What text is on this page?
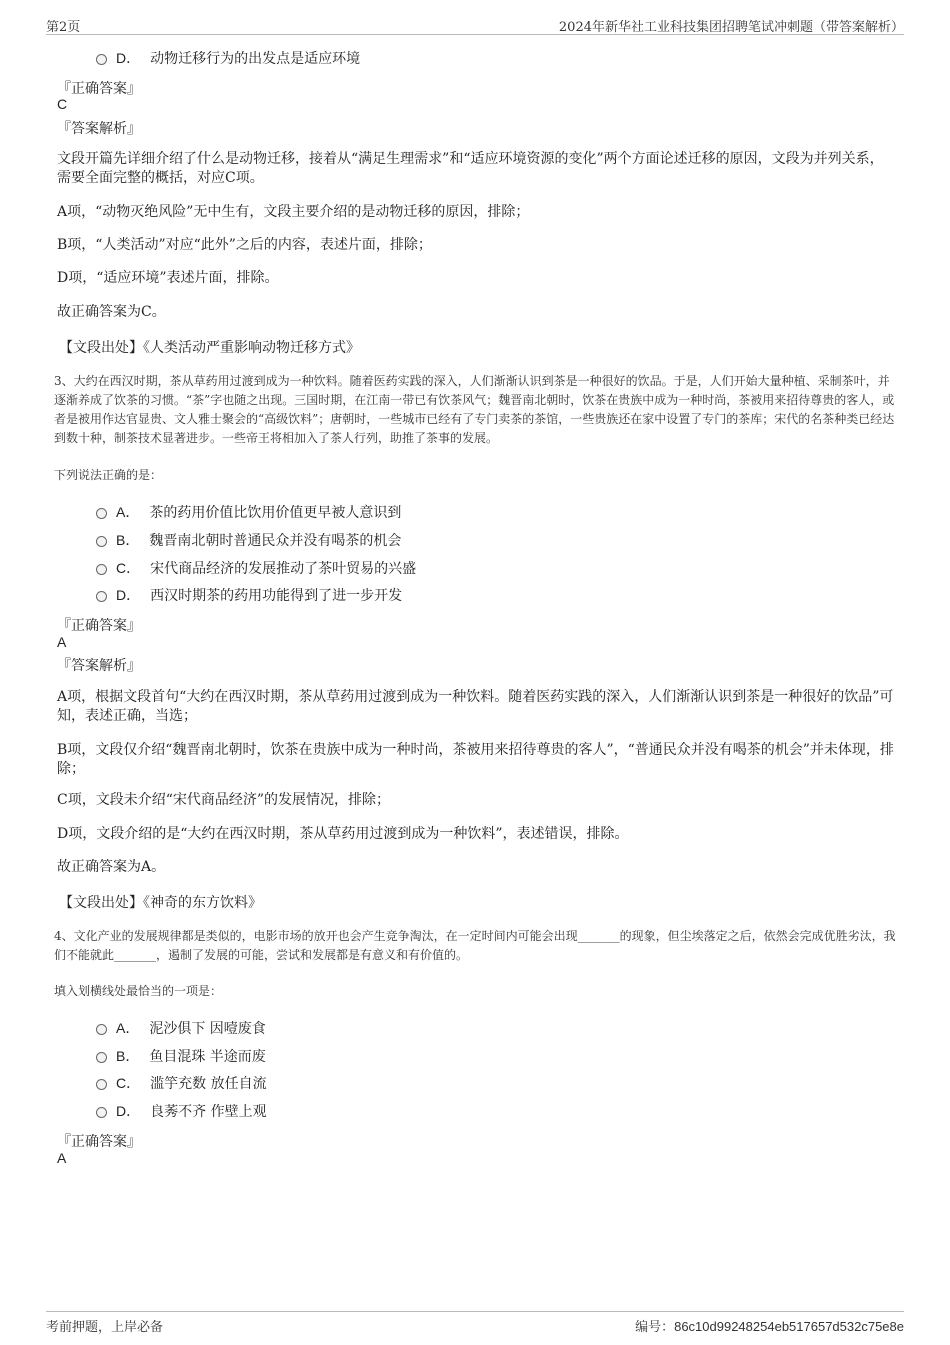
第2页	2024年新华社工业科技集团招聘笔试冲刺题（带答案解析）
D． 动物迁移行为的出发点是适应环境
『正确答案』
C
『答案解析』
文段开篇先详细介绍了什么是动物迁移，接着从“满足生理需求”和“适应环境资源的变化”两个方面论述迁移的原因，文段为并列关系，需要全面完整的概括，对应C项。
A项，“动物灭绝风险”无中生有，文段主要介绍的是动物迁移的原因，排除；
B项，“人类活动”对应“此外”之后的内容，表述片面，排除；
D项，“适应环境”表述片面，排除。
故正确答案为C。
【文段出处】《人类活动严重影响动物迁移方式》
3、大约在西汉时期，茶从草药用过渡到成为一种饮料。随着医药实践的深入，人们渐渐认识到茶是一种很好的饮品。于是，人们开始大量种植、采制茶叶，并逐渐养成了饮茶的习惯。“茶”字也随之出现。三国时期，在江南一带已有饮茶风气；魏晋南北朝时，饮茶在贵族中成为一种时尚，茶被用来招待尊贵的客人，或者是被用作达官显贵、文人雅士聚会的“高级饮料”；唐朝时，一些城市已经有了专门卖茶的茶馆，一些贵族还在家中设置了专门的茶库；宋代的名茶种类已经达到数十种，制茶技术显著进步。一些帝王将相加入了茶人行列，助推了茶事的发展。
下列说法正确的是：
A． 茶的药用价值比饮用价值更早被人意识到
B． 魏晋南北朝时普通民众并没有喝茶的机会
C． 宋代商品经济的发展推动了茶叶贸易的兴盛
D． 西汉时期茶的药用功能得到了进一步开发
『正确答案』
A
『答案解析』
A项，根据文段首句“大约在西汉时期，茶从草药用过渡到成为一种饮料。随着医药实践的深入，人们渐渐认识到茶是一种很好的饮品”可知，表述正确，当选；
B项，文段仅介绍“魏晋南北朝时，饮茶在贵族中成为一种时尚，茶被用来招待尊贵的客人”，“普通民众并没有喝茶的机会”并未体现，排除；
C项，文段未介绍“宋代商品经济”的发展情况，排除；
D项，文段介绍的是“大约在西汉时期，茶从草药用过渡到成为一种饮料”，表述错误，排除。
故正确答案为A。
【文段出处】《神奇的东方饮料》
4、文化产业的发展规律都是类似的，电影市场的放开也会产生竞争淘汰，在一定时间内可能会出现_______的现象，但尘埃落定之后，依然会完成优胜劣汰，我们不能就此_______，遏制了发展的可能，尝试和发展都是有意义和有价值的。
填入划横线处最恰当的一项是：
A． 泥沙俱下 因噎废食
B． 鱼目混珠 半途而废
C． 滥竽充数 放任自流
D． 良莠不齐 作壁上观
『正确答案』
A
考前押题，上岸必备	编号：86c10d99248254eb517657d532c75e8e
